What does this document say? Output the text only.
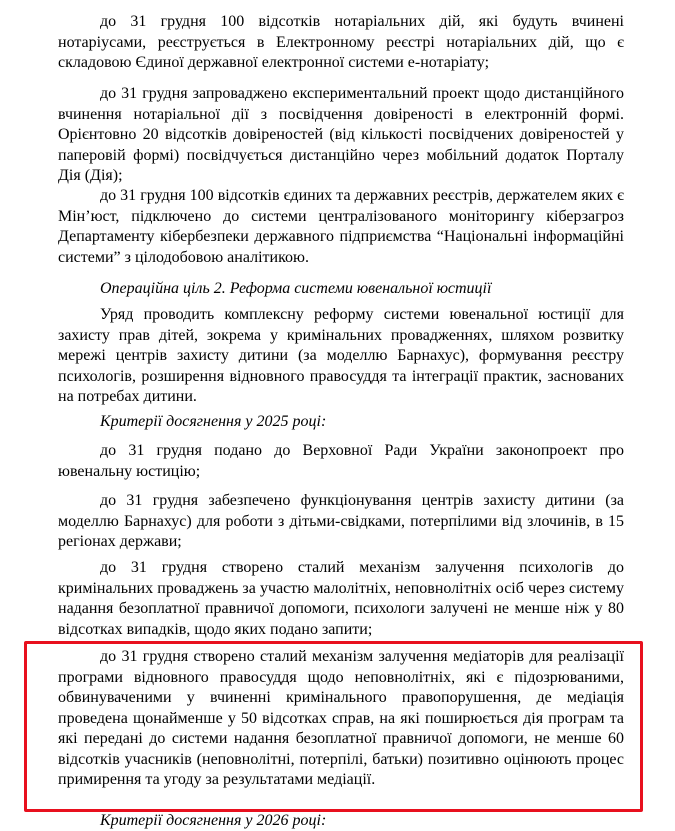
до 31 грудня 100 відсотків нотаріальних дій, які будуть вчинені нотаріусами, реєструється в Електронному реєстрі нотаріальних дій, що є складовою Єдиної державної електронної системи е-нотаріату;
до 31 грудня запроваджено експериментальний проект щодо дистанційного вчинення нотаріальної дії з посвідчення довіреності в електронній формі. Орієнтовно 20 відсотків довіреностей (від кількості посвідчених довіреностей у паперовій формі) посвідчується дистанційно через мобільний додаток Порталу Дія (Дія);
до 31 грудня 100 відсотків єдиних та державних реєстрів, держателем яких є Мін’юст, підключено до системи централізованого моніторингу кіберзагроз Департаменту кібербезпеки державного підприємства “Національні інформаційні системи” з цілодобовою аналітикою.
Операційна ціль 2. Реформа системи ювенальної юстиції
Уряд проводить комплексну реформу системи ювенальної юстиції для захисту прав дітей, зокрема у кримінальних провадженнях, шляхом розвитку мережі центрів захисту дитини (за моделлю Барнахус), формування реєстру психологів, розширення відновного правосуддя та інтеграції практик, заснованих на потребах дитини.
Критерії досягнення у 2025 році:
до 31 грудня подано до Верховної Ради України законопроект про ювенальну юстицію;
до 31 грудня забезпечено функціонування центрів захисту дитини (за моделлю Барнахус) для роботи з дітьми-свідками, потерпілими від злочинів, в 15 регіонах держави;
до 31 грудня створено сталий механізм залучення психологів до кримінальних проваджень за участю малолітніх, неповнолітніх осіб через систему надання безоплатної правничої допомоги, психологи залучені не менше ніж у 80 відсотках випадків, щодо яких подано запити;
до 31 грудня створено сталий механізм залучення медіаторів для реалізації програми відновного правосуддя щодо неповнолітніх, які є підозрюваними, обвинуваченими у вчиненні кримінального правопорушення, де медіація проведена щонайменше у 50 відсотках справ, на які поширюється дія програм та які передані до системи надання безоплатної правничої допомоги, не менше 60 відсотків учасників (неповнолітні, потерпілі, батьки) позитивно оцінюють процес примирення та угоду за результатами медіації.
Критерії досягнення у 2026 році:
